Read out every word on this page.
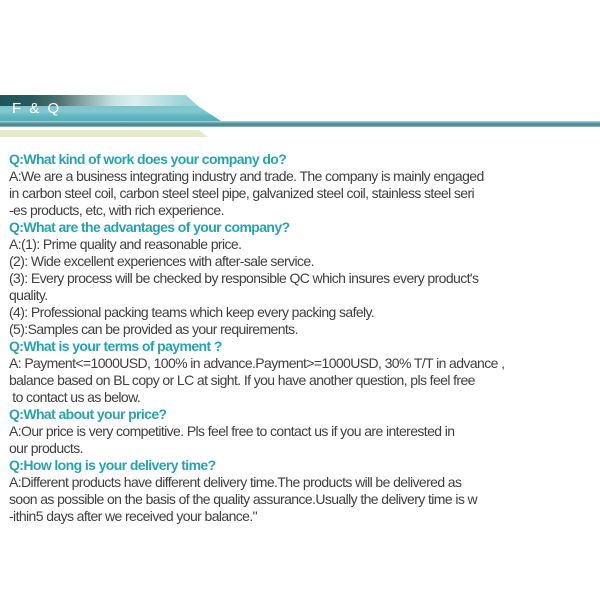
F & Q
Q:What kind of work does your company do?
A:We are a business integrating industry and trade. The company is mainly engaged
in carbon steel coil, carbon steel steel pipe, galvanized steel coil, stainless steel seri
-es products, etc, with rich experience.
Q:What are the advantages of your company?
A:(1): Prime quality and reasonable price.
(2): Wide excellent experiences with after-sale service.
(3): Every process will be checked by responsible QC which insures every product's
quality.
(4): Professional packing teams which keep every packing safely.
(5):Samples can be provided as your requirements.
Q:What is your terms of payment ?
A: Payment<=1000USD, 100% in advance.Payment>=1000USD, 30% T/T in advance ,
balance based on BL copy or LC at sight. If you have another question, pls feel free
to contact us as below.
Q:What about your price?
A:Our price is very competitive. Pls feel free to contact us if you are interested in
our products.
Q:How long is your delivery time?
A:Different products have different delivery time.The products will be delivered as
soon as possible on the basis of the quality assurance.Usually the delivery time is w
-ithin5 days after we received your balance."
